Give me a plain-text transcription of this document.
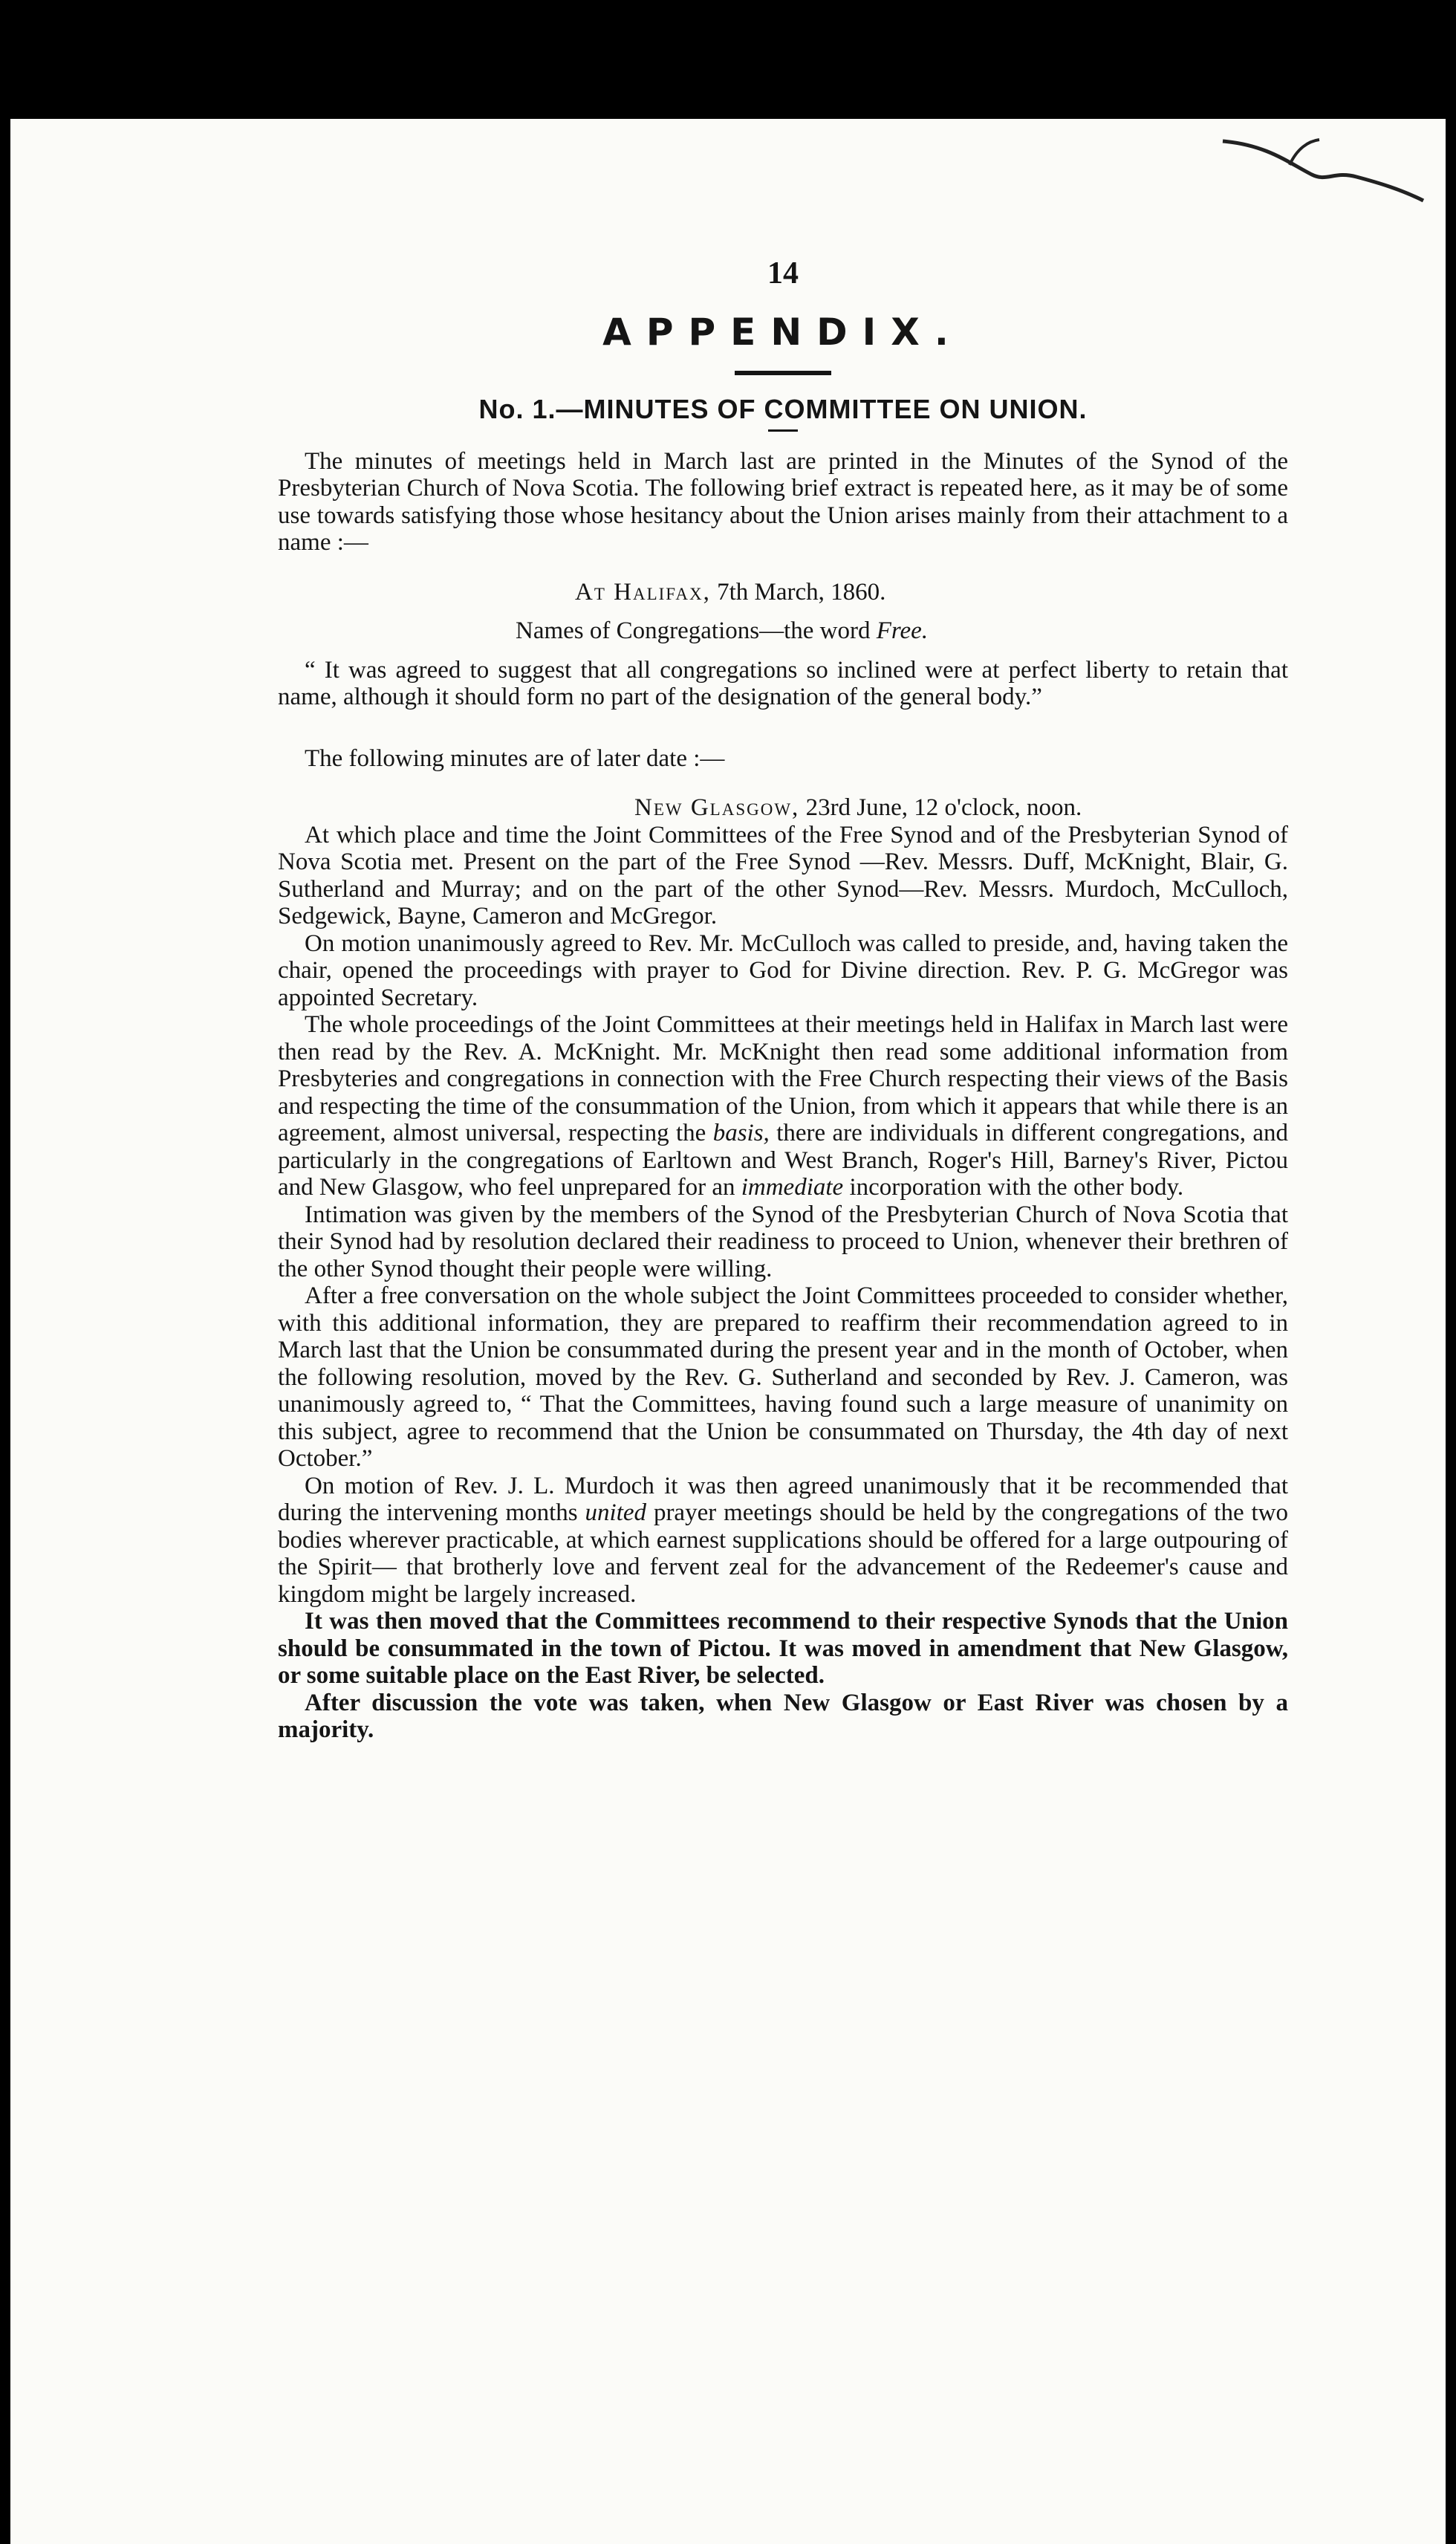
14
APPENDIX.
No. 1.—MINUTES OF COMMITTEE ON UNION.

The minutes of meetings held in March last are printed in the Minutes of the Synod of the Presbyterian Church of Nova Scotia. The following brief extract is repeated here, as it may be of some use towards satisfying those whose hesitancy about the Union arises mainly from their attachment to a name :—

At Halifax, 7th March, 1860.

Names of Congregations—the word Free.

“ It was agreed to suggest that all congregations so inclined were at perfect liberty to retain that name, although it should form no part of the designation of the general body.”

The following minutes are of later date :—

New Glasgow, 23rd June, 12 o'clock, noon.

At which place and time the Joint Committees of the Free Synod and of the Presbyterian Synod of Nova Scotia met. Present on the part of the Free Synod —Rev. Messrs. Duff, McKnight, Blair, G. Sutherland and Murray; and on the part of the other Synod—Rev. Messrs. Murdoch, McCulloch, Sedgewick, Bayne, Cameron and McGregor.

On motion unanimously agreed to Rev. Mr. McCulloch was called to preside, and, having taken the chair, opened the proceedings with prayer to God for Divine direction. Rev. P. G. McGregor was appointed Secretary.

The whole proceedings of the Joint Committees at their meetings held in Halifax in March last were then read by the Rev. A. McKnight. Mr. McKnight then read some additional information from Presbyteries and congregations in connection with the Free Church respecting their views of the Basis and respecting the time of the consummation of the Union, from which it appears that while there is an agreement, almost universal, respecting the basis, there are individuals in different congregations, and particularly in the congregations of Earltown and West Branch, Roger's Hill, Barney's River, Pictou and New Glasgow, who feel unprepared for an immediate incorporation with the other body.

Intimation was given by the members of the Synod of the Presbyterian Church of Nova Scotia that their Synod had by resolution declared their readiness to proceed to Union, whenever their brethren of the other Synod thought their people were willing.

After a free conversation on the whole subject the Joint Committees proceeded to consider whether, with this additional information, they are prepared to reaffirm their recommendation agreed to in March last that the Union be consummated during the present year and in the month of October, when the following resolution, moved by the Rev. G. Sutherland and seconded by Rev. J. Cameron, was unanimously agreed to, “ That the Committees, having found such a large measure of unanimity on this subject, agree to recommend that the Union be consummated on Thursday, the 4th day of next October.”

On motion of Rev. J. L. Murdoch it was then agreed unanimously that it be recommended that during the intervening months united prayer meetings should be held by the congregations of the two bodies wherever practicable, at which earnest supplications should be offered for a large outpouring of the Spirit— that brotherly love and fervent zeal for the advancement of the Redeemer's cause and kingdom might be largely increased.

It was then moved that the Committees recommend to their respective Synods that the Union should be consummated in the town of Pictou. It was moved in amendment that New Glasgow, or some suitable place on the East River, be selected.

After discussion the vote was taken, when New Glasgow or East River was chosen by a majority.
